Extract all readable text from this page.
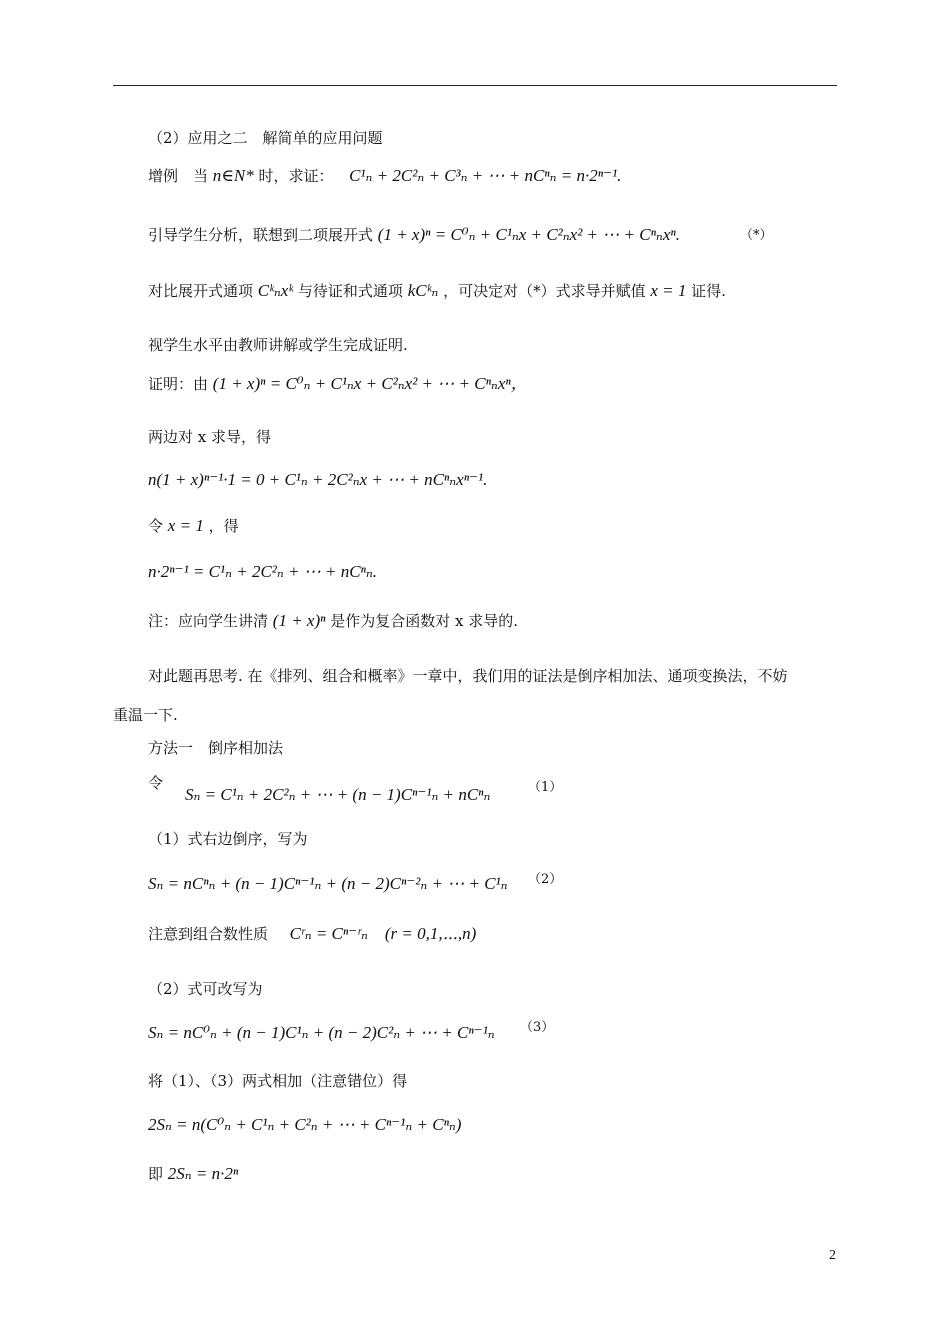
（2）应用之二　解简单的应用问题
增例　当 n∈N* 时，求证： C¹ₙ + 2C²ₙ + C³ₙ + ⋯ + nCⁿₙ = n·2ⁿ⁻¹.
引导学生分析，联想到二项展开式 (1 + x)ⁿ = C⁰ₙ + C¹ₙx + C²ₙx² + ⋯ + Cⁿₙxⁿ.	（*）
对比展开式通项 Cᵏₙxᵏ 与待证和式通项 kCᵏₙ ，可决定对（*）式求导并赋值 x = 1 证得.
视学生水平由教师讲解或学生完成证明.
证明：由 (1 + x)ⁿ = C⁰ₙ + C¹ₙx + C²ₙx² + ⋯ + Cⁿₙxⁿ，
两边对 x 求导，得
n(1 + x)ⁿ⁻¹·1 = 0 + C¹ₙ + 2C²ₙx + ⋯ + nCⁿₙxⁿ⁻¹.
令 x = 1 ，得
n·2ⁿ⁻¹ = C¹ₙ + 2C²ₙ + ⋯ + nCⁿₙ.
注：应向学生讲清 (1 + x)ⁿ 是作为复合函数对 x 求导的.
对此题再思考. 在《排列、组合和概率》一章中，我们用的证法是倒序相加法、通项变换法，不妨
重温一下.
方法一　倒序相加法
令
Sₙ = C¹ₙ + 2C²ₙ + ⋯ + (n − 1)Cⁿ⁻¹ₙ + nCⁿₙ	（1）
（1）式右边倒序，写为
Sₙ = nCⁿₙ + (n − 1)Cⁿ⁻¹ₙ + (n − 2)Cⁿ⁻²ₙ + ⋯ + C¹ₙ （2）
注意到组合数性质 Cʳₙ = Cⁿ⁻ʳₙ　(r = 0,1,⋯,n)
（2）式可改写为
Sₙ = nC⁰ₙ + (n − 1)C¹ₙ + (n − 2)C²ₙ + ⋯ + Cⁿ⁻¹ₙ （3）
将（1）、（3）两式相加（注意错位）得
2Sₙ = n(C⁰ₙ + C¹ₙ + C²ₙ + ⋯ + Cⁿ⁻¹ₙ + Cⁿₙ)
即 2Sₙ = n·2ⁿ
2
